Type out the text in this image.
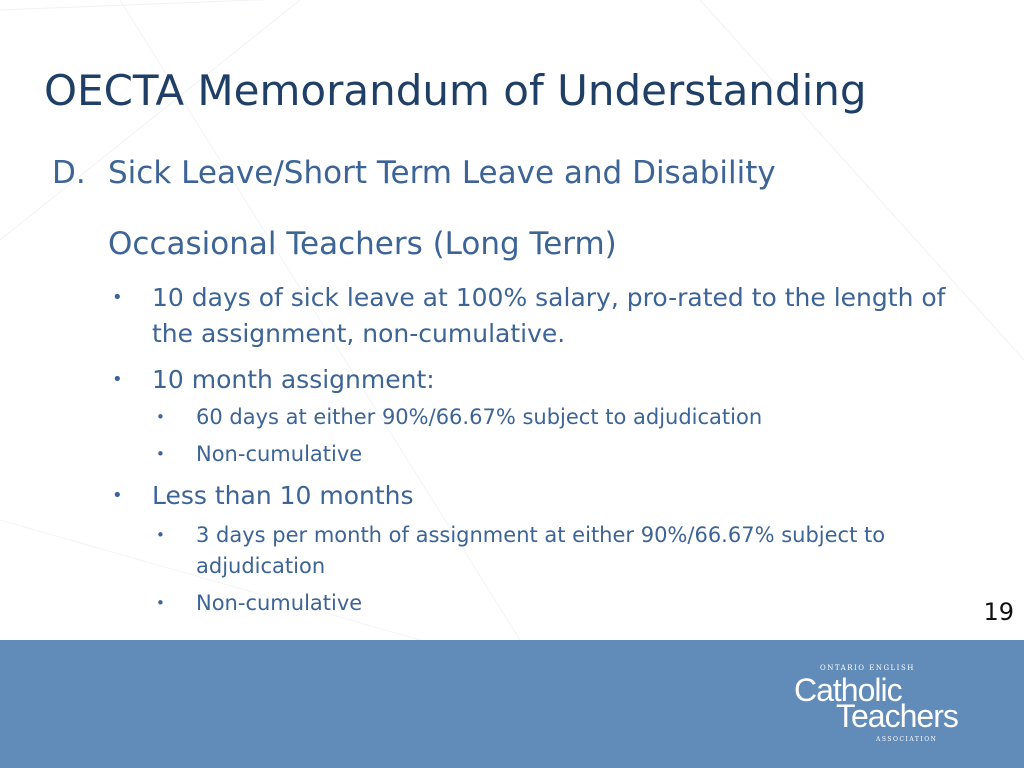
OECTA Memorandum of Understanding
D. Sick Leave/Short Term Leave and Disability
Occasional Teachers (Long Term)
• 10 days of sick leave at 100% salary, pro-rated to the length of the assignment, non-cumulative.
• 10 month assignment:
• 60 days at either 90%/66.67% subject to adjudication
• Non-cumulative
• Less than 10 months
• 3 days per month of assignment at either 90%/66.67% subject to adjudication
• Non-cumulative	19
ONTARIO ENGLISH
Catholic
Teachers
ASSOCIATION
